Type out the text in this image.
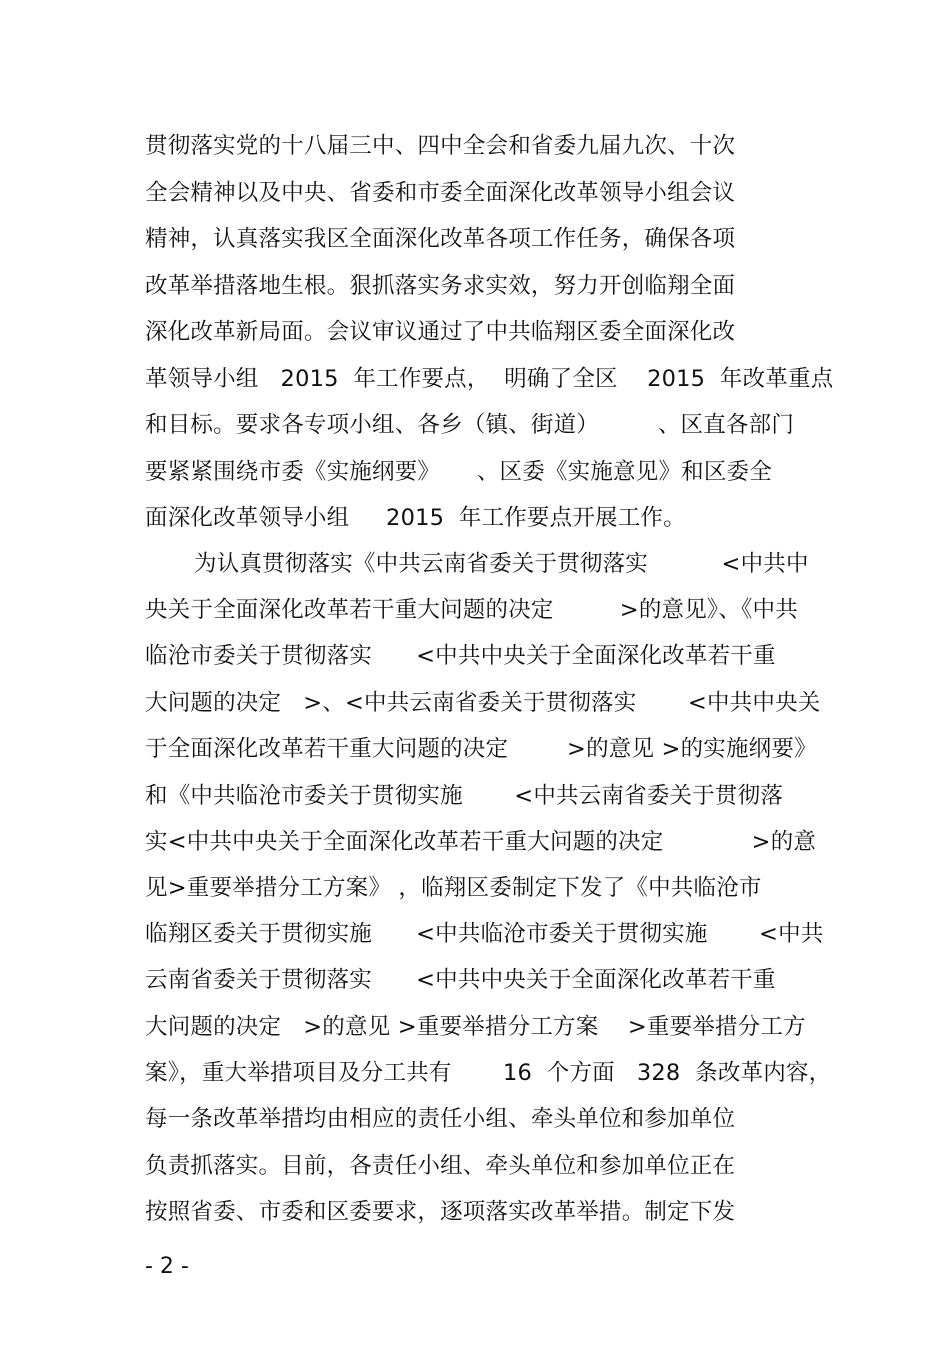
贯彻落实党的十八届三中、四中全会和省委九届九次、十次
全会精神以及中央、省委和市委全面深化改革领导小组会议
精神，认真落实我区全面深化改革各项工作任务，确保各项
改革举措落地生根。狠抓落实务求实效，努力开创临翔全面
深化改革新局面。会议审议通过了中共临翔区委全面深化改
革领导小组   2015  年工作要点，  明确了全区    2015  年改革重点
和目标。要求各专项小组、各乡（镇、街道）        、区直各部门
要紧紧围绕市委《实施纲要》     、区委《实施意见》和区委全
面深化改革领导小组     2015  年工作要点开展工作。
为认真贯彻落实《中共云南省委关于贯彻落实          <中共中
央关于全面深化改革若干重大问题的决定         >的意见》、《中共
临沧市委关于贯彻落实      <中共中央关于全面深化改革若干重
大问题的决定   >、<中共云南省委关于贯彻落实       <中共中央关
于全面深化改革若干重大问题的决定        >的意见 >的实施纲要》
和《中共临沧市委关于贯彻实施       <中共云南省委关于贯彻落
实<中共中央关于全面深化改革若干重大问题的决定            >的意
见>重要举措分工方案》 ，临翔区委制定下发了《中共临沧市
临翔区委关于贯彻实施      <中共临沧市委关于贯彻实施       <中共
云南省委关于贯彻落实      <中共中央关于全面深化改革若干重
大问题的决定   >的意见 >重要举措分工方案    >重要举措分工方
案》，重大举措项目及分工共有       16  个方面   328  条改革内容，
每一条改革举措均由相应的责任小组、牵头单位和参加单位
负责抓落实。目前，各责任小组、牵头单位和参加单位正在
按照省委、市委和区委要求，逐项落实改革举措。制定下发
- 2 -
